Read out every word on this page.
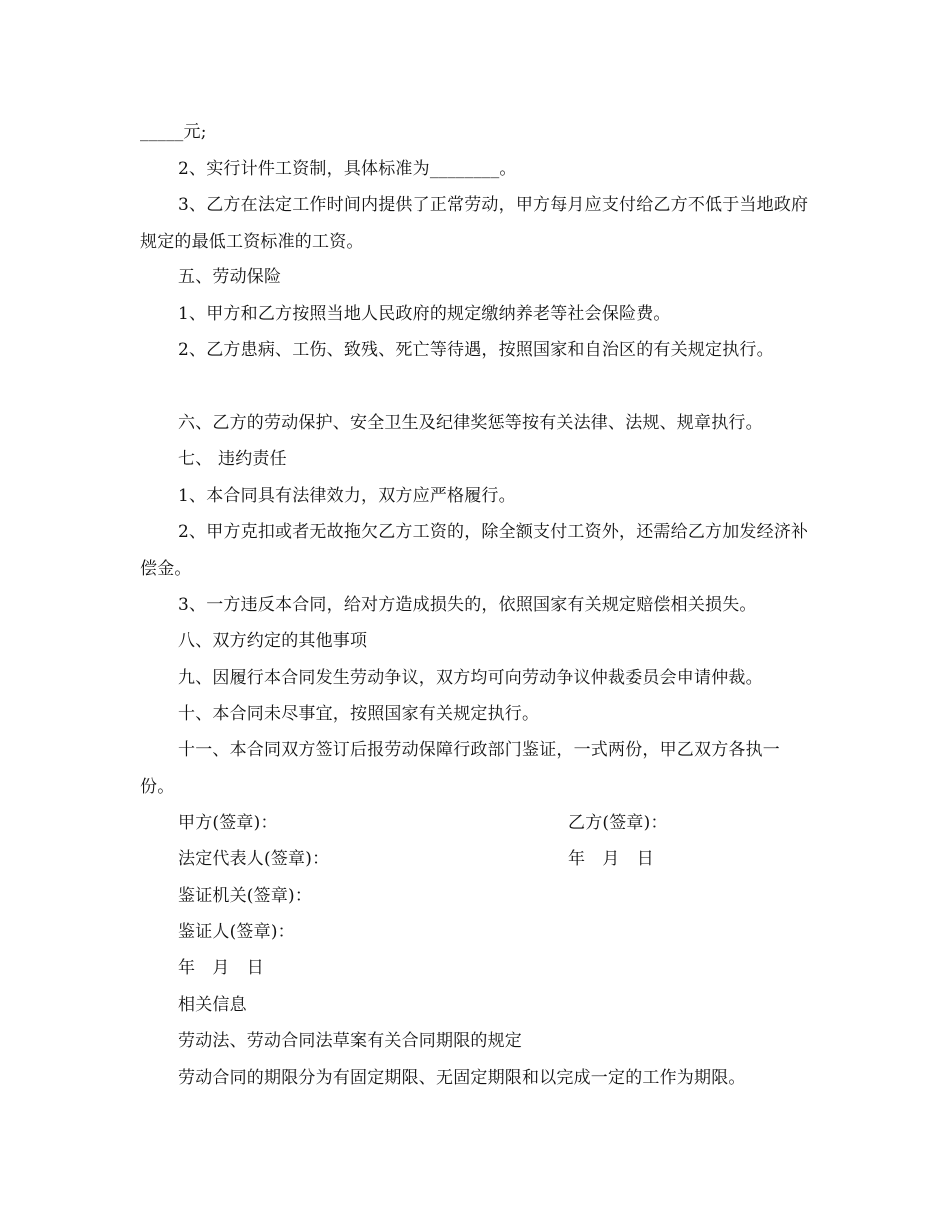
_____元;

2、实行计件工资制，具体标准为________。

3、乙方在法定工作时间内提供了正常劳动，甲方每月应支付给乙方不低于当地政府规定的最低工资标准的工资。

五、劳动保险

1、甲方和乙方按照当地人民政府的规定缴纳养老等社会保险费。

2、乙方患病、工伤、致残、死亡等待遇，按照国家和自治区的有关规定执行。

六、乙方的劳动保护、安全卫生及纪律奖惩等按有关法律、法规、规章执行。

七、 违约责任

1、本合同具有法律效力，双方应严格履行。

2、甲方克扣或者无故拖欠乙方工资的，除全额支付工资外，还需给乙方加发经济补偿金。

3、一方违反本合同，给对方造成损失的，依照国家有关规定赔偿相关损失。

八、双方约定的其他事项

九、因履行本合同发生劳动争议，双方均可向劳动争议仲裁委员会申请仲裁。

十、本合同未尽事宜，按照国家有关规定执行。

十一、本合同双方签订后报劳动保障行政部门鉴证，一式两份，甲乙双方各执一份。

甲方(签章)：	乙方(签章)：
法定代表人(签章)：	年　月　日
鉴证机关(签章)：
鉴证人(签章)：
年　月　日
相关信息
劳动法、劳动合同法草案有关合同期限的规定
劳动合同的期限分为有固定期限、无固定期限和以完成一定的工作为期限。
